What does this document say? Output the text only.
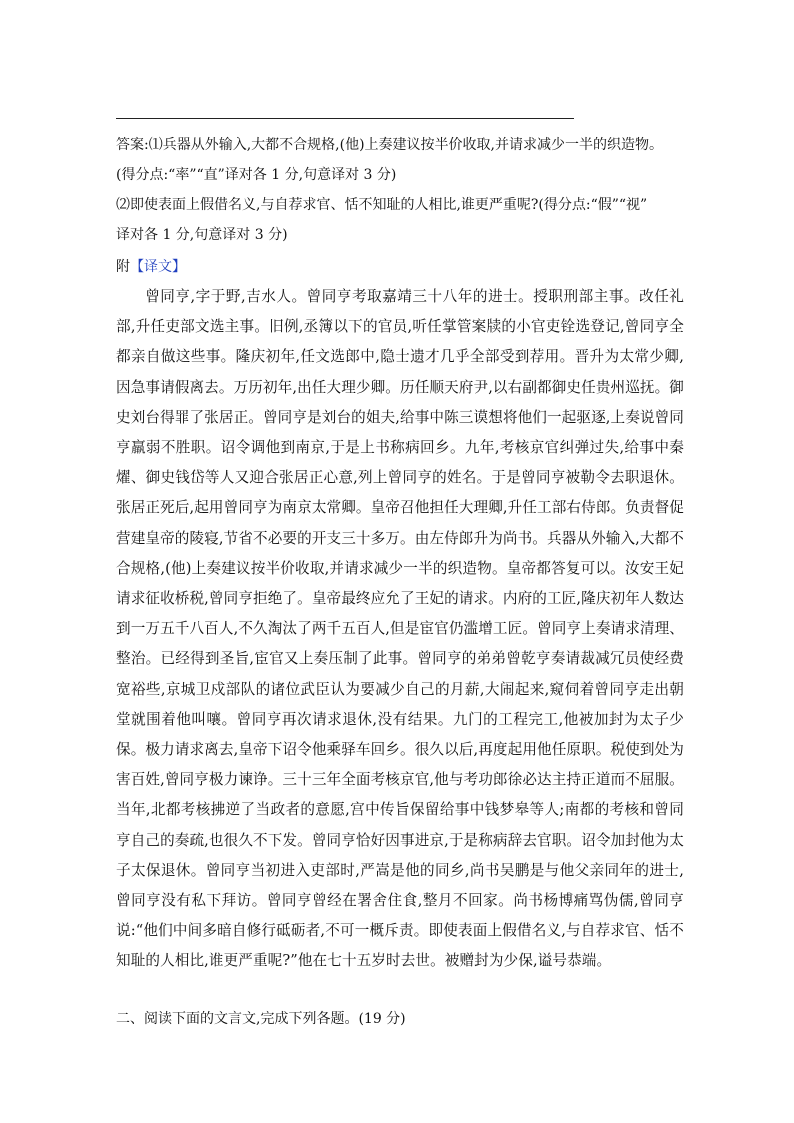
答案:⑴兵器从外输入,大都不合规格,(他)上奏建议按半价收取,并请求减少一半的织造物。

(得分点:“率”“直”译对各 1 分,句意译对 3 分)

⑵即使表面上假借名义,与自荐求官、恬不知耻的人相比,谁更严重呢?(得分点:“假”“视”

译对各 1 分,句意译对 3 分)

附【译文】
曾同亨,字于野,吉水人。曾同亨考取嘉靖三十八年的进士。授职刑部主事。改任礼部,升任吏部文选主事。旧例,丞簿以下的官员,听任掌管案牍的小官吏铨选登记,曾同亨全都亲自做这些事。隆庆初年,任文选郎中,隐士遗才几乎全部受到荐用。晋升为太常少卿,因急事请假离去。万历初年,出任大理少卿。历任顺天府尹,以右副都御史任贵州巡抚。御史刘台得罪了张居正。曾同亨是刘台的姐夫,给事中陈三谟想将他们一起驱逐,上奏说曾同亨羸弱不胜职。诏令调他到南京,于是上书称病回乡。九年,考核京官纠弹过失,给事中秦燿、御史钱岱等人又迎合张居正心意,列上曾同亨的姓名。于是曾同亨被勒令去职退休。张居正死后,起用曾同亨为南京太常卿。皇帝召他担任大理卿,升任工部右侍郎。负责督促营建皇帝的陵寝,节省不必要的开支三十多万。由左侍郎升为尚书。兵器从外输入,大都不合规格,(他)上奏建议按半价收取,并请求减少一半的织造物。皇帝都答复可以。汝安王妃请求征收桥税,曾同亨拒绝了。皇帝最终应允了王妃的请求。内府的工匠,隆庆初年人数达到一万五千八百人,不久淘汰了两千五百人,但是宦官仍滥增工匠。曾同亨上奏请求清理、整治。已经得到圣旨,宦官又上奏压制了此事。曾同亨的弟弟曾乾亨奏请裁减冗员使经费宽裕些,京城卫戍部队的诸位武臣认为要减少自己的月薪,大闹起来,窥伺着曾同亨走出朝堂就围着他叫嚷。曾同亨再次请求退休,没有结果。九门的工程完工,他被加封为太子少保。极力请求离去,皇帝下诏令他乘驿车回乡。很久以后,再度起用他任原职。税使到处为害百姓,曾同亨极力谏诤。三十三年全面考核京官,他与考功郎徐必达主持正道而不屈服。当年,北都考核拂逆了当政者的意愿,宫中传旨保留给事中钱梦皋等人;南都的考核和曾同亨自己的奏疏,也很久不下发。曾同亨恰好因事进京,于是称病辞去官职。诏令加封他为太子太保退休。曾同亨当初进入吏部时,严嵩是他的同乡,尚书吴鹏是与他父亲同年的进士,曾同亨没有私下拜访。曾同亨曾经在署舍住食,整月不回家。尚书杨博痛骂伪儒,曾同亨说:“他们中间多暗自修行砥砺者,不可一概斥责。即使表面上假借名义,与自荐求官、恬不知耻的人相比,谁更严重呢?”他在七十五岁时去世。被赠封为少保,谥号恭端。
二、阅读下面的文言文,完成下列各题。(19 分)
